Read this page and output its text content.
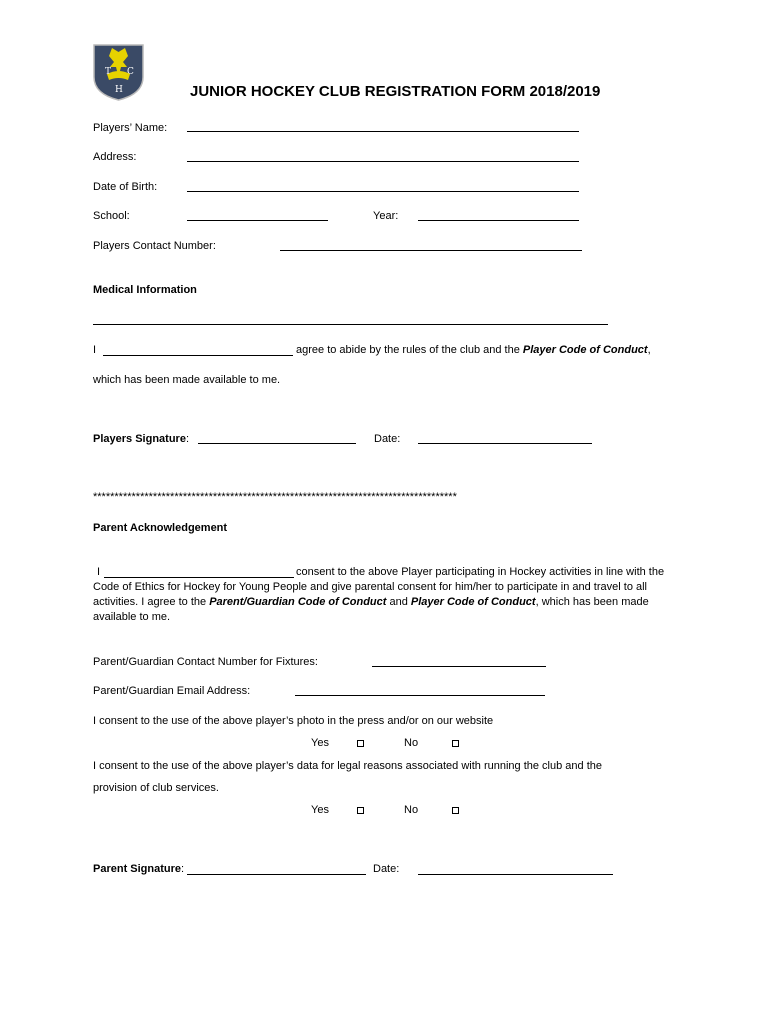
T
H
C
JUNIOR HOCKEY CLUB REGISTRATION FORM 2018/2019
Players’ Name:
Address:
Date of Birth:
School:	Year:
Players Contact Number:
Medical Information
I	agree to abide by the rules of the club and the Player Code of Conduct,
which has been made available to me.
Players Signature:	Date:
*************************************************************************************
Parent Acknowledgement
I	consent to the above Player participating in Hockey activities in line with the Code of Ethics for Hockey for Young People and give parental consent for him/her to participate in and travel to all activities. I agree to the Parent/Guardian Code of Conduct and Player Code of Conduct, which has been made available to me.
Parent/Guardian Contact Number for Fixtures:
Parent/Guardian Email Address:
I consent to the use of the above player’s photo in the press and/or on our website
Yes	No
I consent to the use of the above player’s data for legal reasons associated with running the club and the
provision of club services.
Yes	No
Parent Signature:	Date:
